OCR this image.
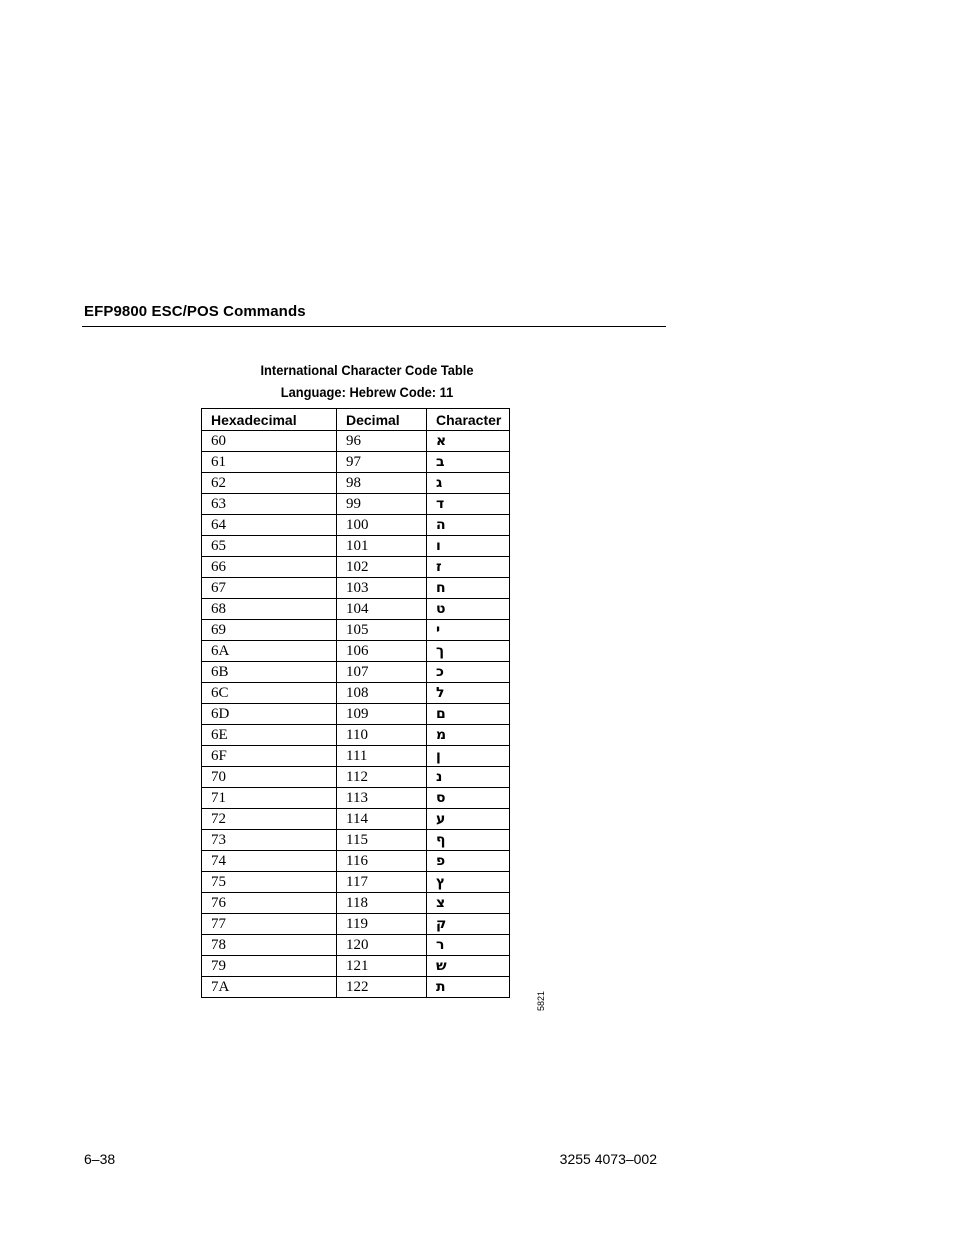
EFP9800 ESC/POS Commands
International Character Code Table
Language: Hebrew Code: 11
Hexadecimal	Decimal	Character
60	96	א
61	97	ב
62	98	ג
63	99	ד
64	100	ה
65	101	ו
66	102	ז
67	103	ח
68	104	ט
69	105	י
6A	106	ך
6B	107	כ
6C	108	ל
6D	109	ם
6E	110	מ
6F	111	ן
70	112	נ
71	113	ס
72	114	ע
73	115	ף
74	116	פ
75	117	ץ
76	118	צ
77	119	ק
78	120	ר
79	121	ש
7A	122	ת
5821
6–38	3255 4073–002
